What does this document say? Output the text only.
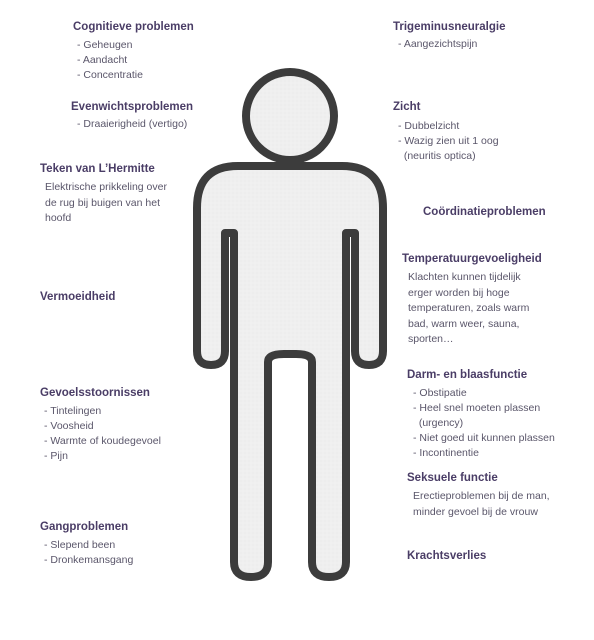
Cognitieve problemen
- Geheugen
- Aandacht
- Concentratie
Evenwichtsproblemen
- Draaierigheid (vertigo)
Teken van L’Hermitte
Elektrische prikkeling over
de rug bij buigen van het
hoofd
Vermoeidheid
Gevoelsstoornissen
- Tintelingen
- Voosheid
- Warmte of koudegevoel
- Pijn
Gangproblemen
- Slepend been
- Dronkemansgang
Trigeminusneuralgie
- Aangezichtspijn
Zicht
- Dubbelzicht
- Wazig zien uit 1 oog
(neuritis optica)
Coördinatieproblemen
Temperatuurgevoeligheid
Klachten kunnen tijdelijk
erger worden bij hoge
temperaturen, zoals warm
bad, warm weer, sauna,
sporten…
Darm- en blaasfunctie
- Obstipatie
- Heel snel moeten plassen
(urgency)
- Niet goed uit kunnen plassen
- Incontinentie
Seksuele functie
Erectieproblemen bij de man,
minder gevoel bij de vrouw
Krachtsverlies
